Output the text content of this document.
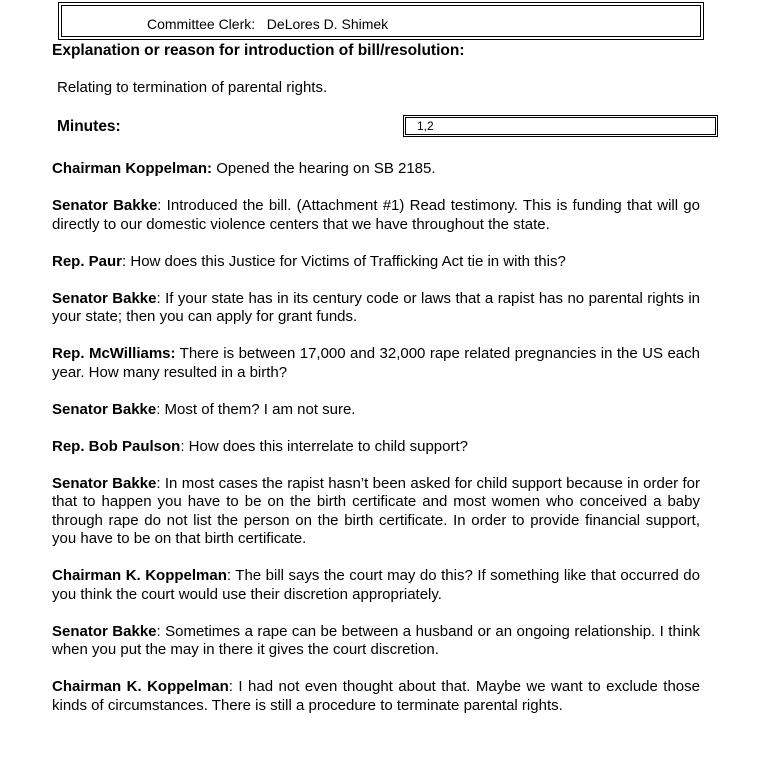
Committee Clerk:   DeLores D. Shimek
Explanation or reason for introduction of bill/resolution:
Relating to termination of parental rights.
Minutes:	1,2

Chairman Koppelman: Opened the hearing on SB 2185.

Senator Bakke: Introduced the bill. (Attachment #1) Read testimony. This is funding that will go directly to our domestic violence centers that we have throughout the state.

Rep. Paur: How does this Justice for Victims of Trafficking Act tie in with this?

Senator Bakke: If your state has in its century code or laws that a rapist has no parental rights in your state; then you can apply for grant funds.

Rep. McWilliams: There is between 17,000 and 32,000 rape related pregnancies in the US each year. How many resulted in a birth?

Senator Bakke: Most of them? I am not sure.

Rep. Bob Paulson: How does this interrelate to child support?

Senator Bakke: In most cases the rapist hasn’t been asked for child support because in order for that to happen you have to be on the birth certificate and most women who conceived a baby through rape do not list the person on the birth certificate. In order to provide financial support, you have to be on that birth certificate.

Chairman K. Koppelman: The bill says the court may do this? If something like that occurred do you think the court would use their discretion appropriately.

Senator Bakke: Sometimes a rape can be between a husband or an ongoing relationship. I think when you put the may in there it gives the court discretion.

Chairman K. Koppelman: I had not even thought about that. Maybe we want to exclude those kinds of circumstances. There is still a procedure to terminate parental rights.
